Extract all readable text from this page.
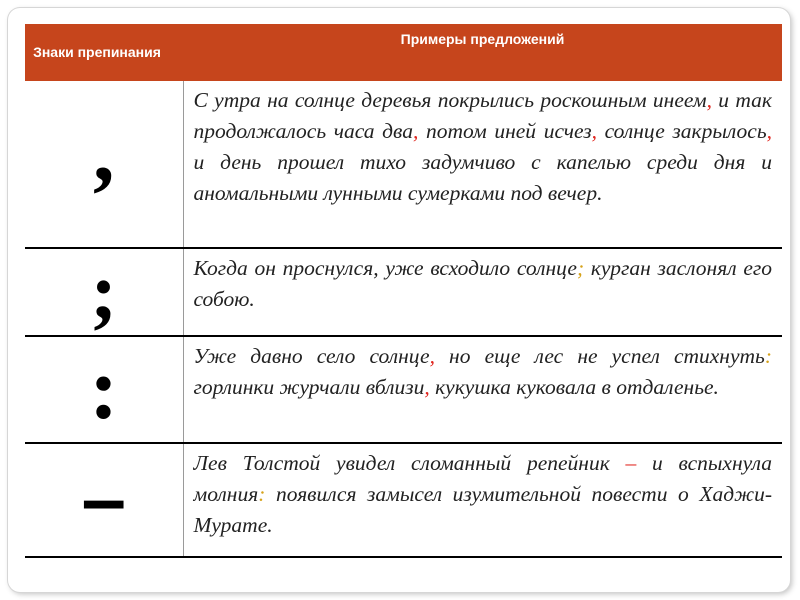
Знаки препинания	Примеры предложений

,	С утра на солнце деревья покрылись роскошным инеем, и так продолжалось часа два, потом иней исчез, солнце закрылось, и день прошел тихо задумчиво с капелью среди дня и аномальными лунными сумерками под вечер.
;	Когда он проснулся, уже всходило солнце; курган заслонял его собою.
:	Уже давно село солнце, но еще лес не успел стихнуть: горлинки журчали вблизи, кукушка куковала в отдаленье.
–	Лев Толстой увидел сломанный репейник – и вспыхнула молния: появился замысел изумительной повести о Хаджи-Мурате.
